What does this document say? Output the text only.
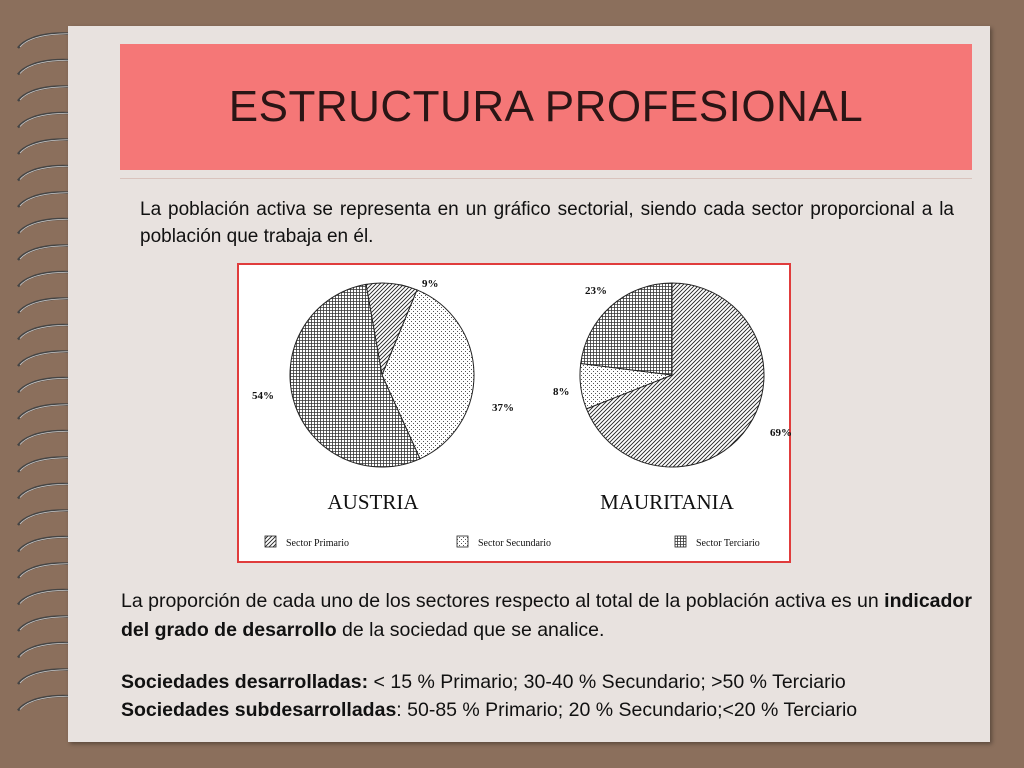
ESTRUCTURA PROFESIONAL
La población activa se representa en un gráfico sectorial, siendo cada sector proporcional a la población que trabaja en él.
9%
37%
54%
AUSTRIA
69%
8%
23%
MAURITANIA
Sector Primario	Sector Secundario	Sector Terciario
La proporción de cada uno de los sectores respecto al total de la población activa es un indicador del grado de desarrollo de la sociedad que se analice.
Sociedades desarrolladas: < 15 % Primario; 30-40 % Secundario; >50 % Terciario
Sociedades subdesarrolladas: 50-85 % Primario; 20 % Secundario;<20 % Terciario
